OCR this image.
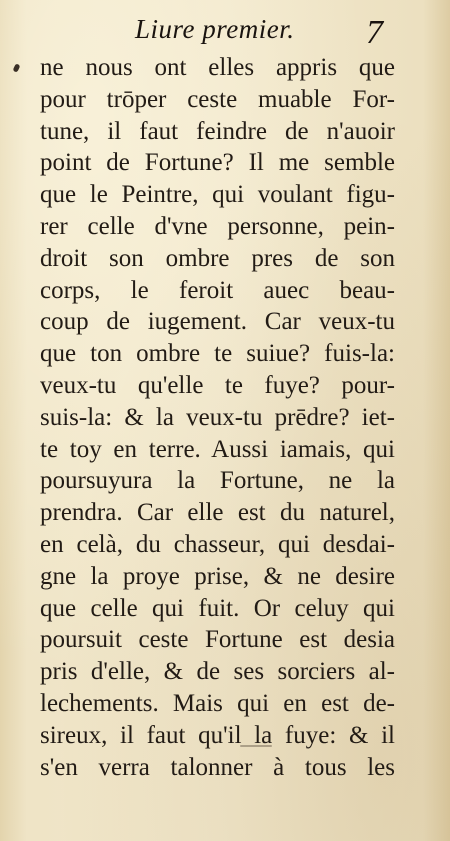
Liure premier. 7
ne nous ont elles appris que
pour trōper ceste muable For-
tune, il faut feindre de n'auoir
point de Fortune? Il me semble
que le Peintre, qui voulant figu-
rer celle d'vne personne, pein-
droit son ombre pres de son
corps, le feroit auec beau-
coup de iugement. Car veux-tu
que ton ombre te suiue? fuis-la:
veux-tu qu'elle te fuye? pour-
suis-la: & la veux-tu prēdre? iet-
te toy en terre. Aussi iamais, qui
poursuyura la Fortune, ne la
prendra. Car elle est du naturel,
en celà, du chasseur, qui desdai-
gne la proye prise, & ne desire
que celle qui fuit. Or celuy qui
poursuit ceste Fortune est desia
pris d'elle, & de ses sorciers al-
lechements. Mais qui en est de-
sireux, il faut qu'il la fuye: & il
s'en verra talonner à tous les
